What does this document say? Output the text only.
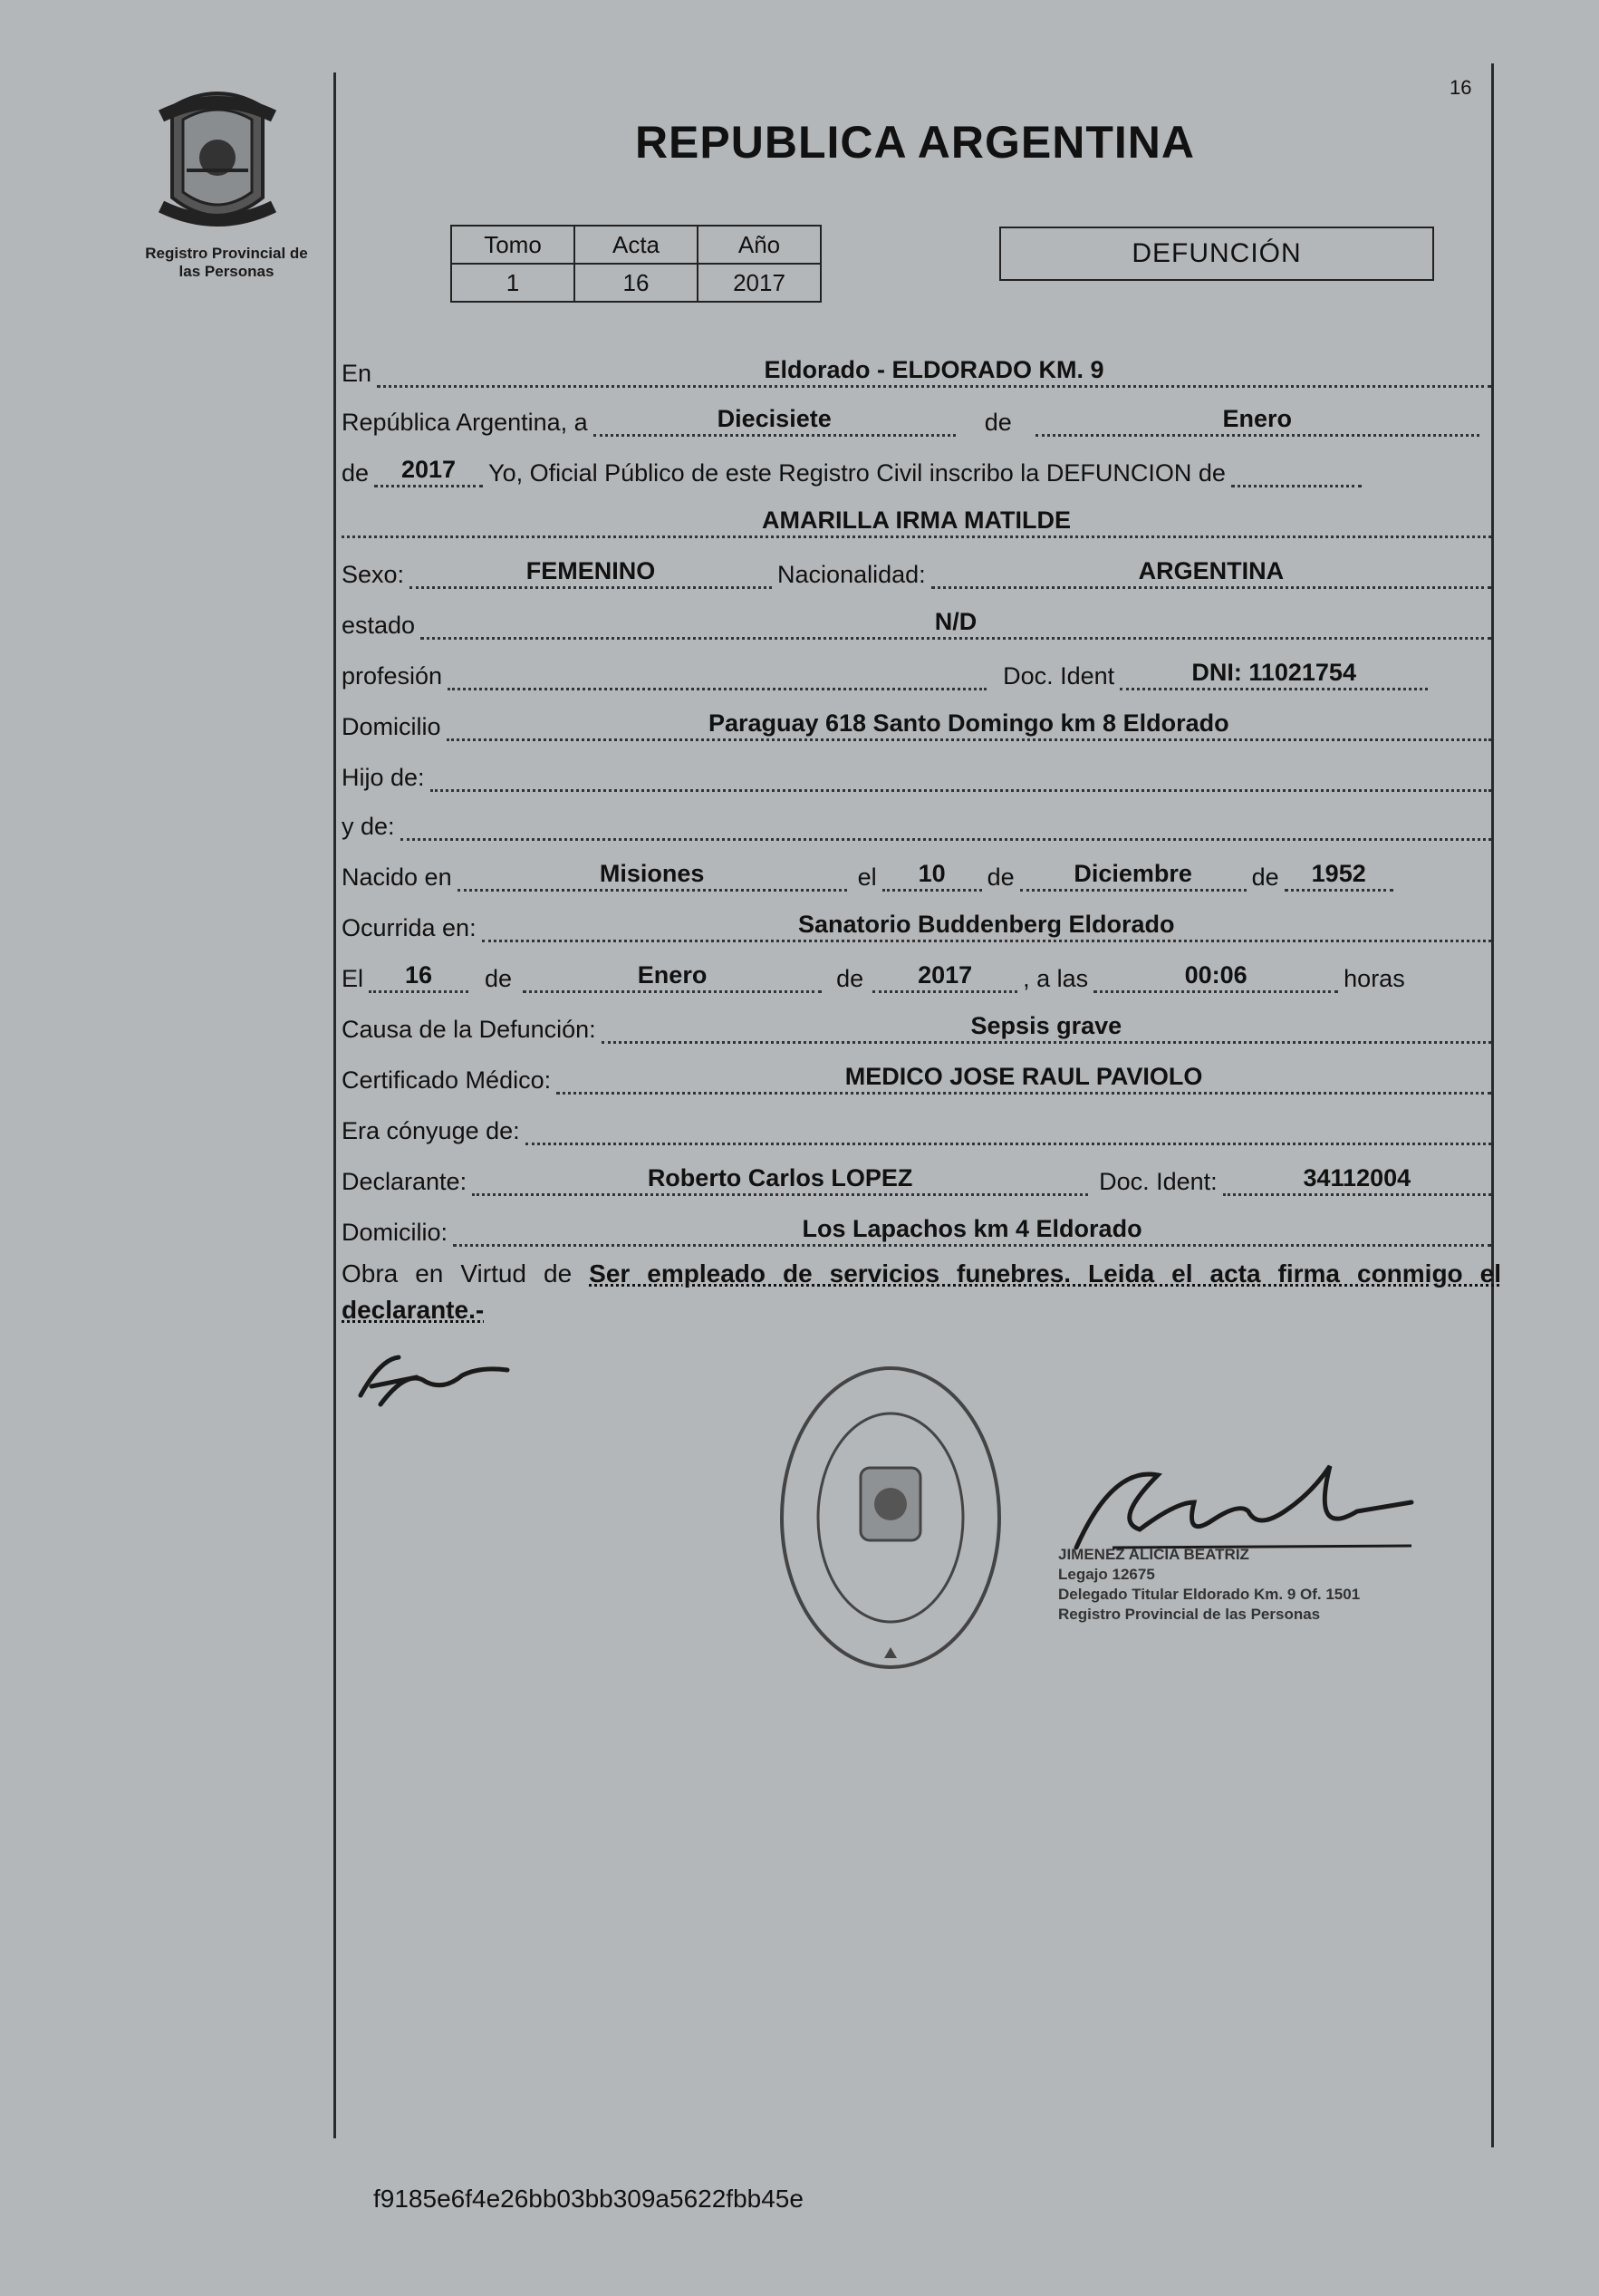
Registro Provincial de
las Personas
16
REPUBLICA ARGENTINA
Tomo	Acta	Año
1	16	2017
DEFUNCIÓN
En	Eldorado - ELDORADO KM. 9
República Argentina, a	Diecisiete	de	Enero
de	2017	Yo, Oficial Público de este Registro Civil inscribo la DEFUNCION de
AMARILLA IRMA MATILDE
Sexo:	FEMENINO	Nacionalidad:	ARGENTINA
estado	N/D
profesión	Doc. Ident	DNI: 11021754
Domicilio	Paraguay 618 Santo Domingo km 8 Eldorado
Hijo de:
y de:
Nacido en	Misiones	el	10	de	Diciembre	de	1952
Ocurrida en:	Sanatorio Buddenberg Eldorado
El	16	de	Enero	de	2017	, a las	00:06	horas
Causa de la Defunción:	Sepsis grave
Certificado Médico:	MEDICO JOSE RAUL PAVIOLO
Era cónyuge de:
Declarante:	Roberto Carlos LOPEZ	Doc. Ident:	34112004
Domicilio:	Los Lapachos km 4 Eldorado
Obra en Virtud de Ser empleado de servicios funebres. Leida el acta firma conmigo el declarante.-
JIMENEZ ALICIA BEATRIZ
Legajo 12675
Delegado Titular Eldorado Km. 9 Of. 1501
Registro Provincial de las Personas
f9185e6f4e26bb03bb309a5622fbb45e
